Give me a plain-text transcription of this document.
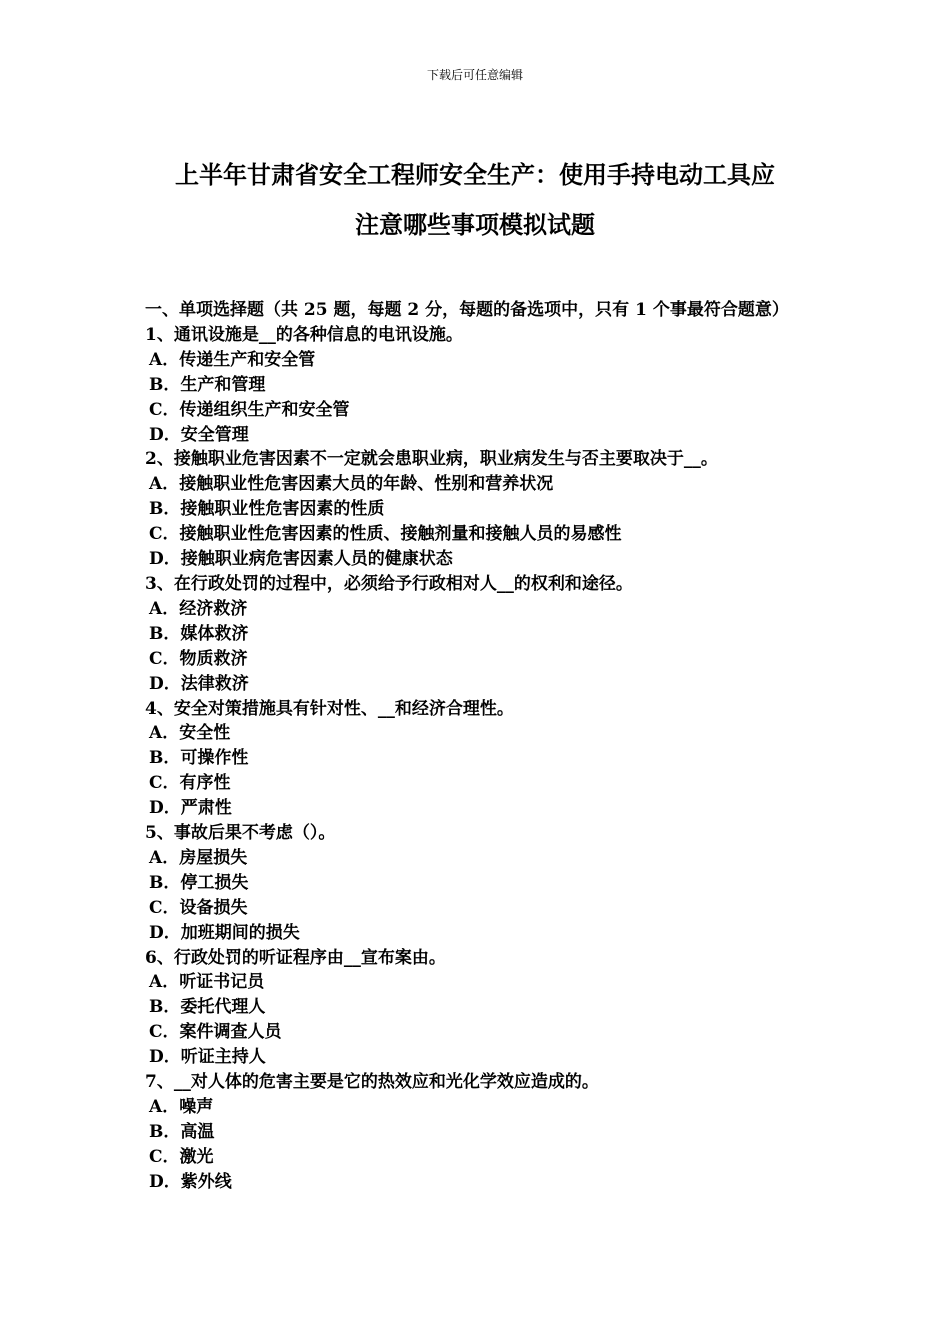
下载后可任意编辑
上半年甘肃省安全工程师安全生产：使用手持电动工具应
注意哪些事项模拟试题
一、单项选择题（共 25 题，每题 2 分，每题的备选项中，只有 1 个事最符合题意）
1、通讯设施是__的各种信息的电讯设施。
A．传递生产和安全管
B．生产和管理
C．传递组织生产和安全管
D．安全管理
2、接触职业危害因素不一定就会患职业病，职业病发生与否主要取决于__。
A．接触职业性危害因素大员的年龄、性别和营养状况
B．接触职业性危害因素的性质
C．接触职业性危害因素的性质、接触剂量和接触人员的易感性
D．接触职业病危害因素人员的健康状态
3、在行政处罚的过程中，必须给予行政相对人__的权利和途径。
A．经济救济
B．媒体救济
C．物质救济
D．法律救济
4、安全对策措施具有针对性、__和经济合理性。
A．安全性
B．可操作性
C．有序性
D．严肃性
5、事故后果不考虑（）。
A．房屋损失
B．停工损失
C．设备损失
D．加班期间的损失
6、行政处罚的听证程序由__宣布案由。
A．听证书记员
B．委托代理人
C．案件调查人员
D．听证主持人
7、__对人体的危害主要是它的热效应和光化学效应造成的。
A．噪声
B．高温
C．激光
D．紫外线
